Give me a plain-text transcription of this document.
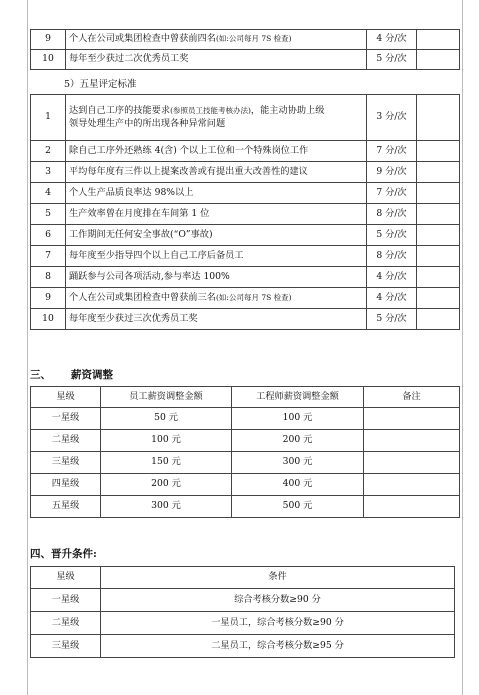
9	个人在公司或集团检查中曾获前四名(如:公司每月 7S 检查)	4 分/次	
10	每年至少获过二次优秀员工奖	5 分/次	
5）五星评定标准
1	达到自己工序的技能要求(参照员工技能考核办法)，能主动协助上级
领导处理生产中的所出现各种异常问题	3 分/次	
2	除自己工序外还熟练 4(含) 个以上工位和一个特殊岗位工作	7 分/次	
3	平均每年度有三件以上提案改善或有提出重大改善性的建议	9 分/次	
4	个人生产品质良率达 98%以上	7 分/次	
5	生产效率曾在月度排在车间第 1 位	8 分/次	
6	工作期间无任何安全事故(“O”事故)	5 分/次	
7	每年度至少指导四个以上自己工序后备员工	8 分/次	
8	踊跃参与公司各项活动,参与率达 100%	4 分/次	
9	个人在公司或集团检查中曾获前三名(如:公司每月 7S 检查)	4 分/次	
10	每年度至少获过三次优秀员工奖	5 分/次	
三、 薪资调整
星级	员工薪资调整金额	工程师薪资调整金额	备注
一星级	50 元	100 元	
二星级	100 元	200 元	
三星级	150 元	300 元	
四星级	200 元	400 元	
五星级	300 元	500 元	
四、晋升条件:
星级	条件
一星级	综合考核分数≥90 分
二星级	一星员工，综合考核分数≥90 分
三星级	二星员工，综合考核分数≥95 分
